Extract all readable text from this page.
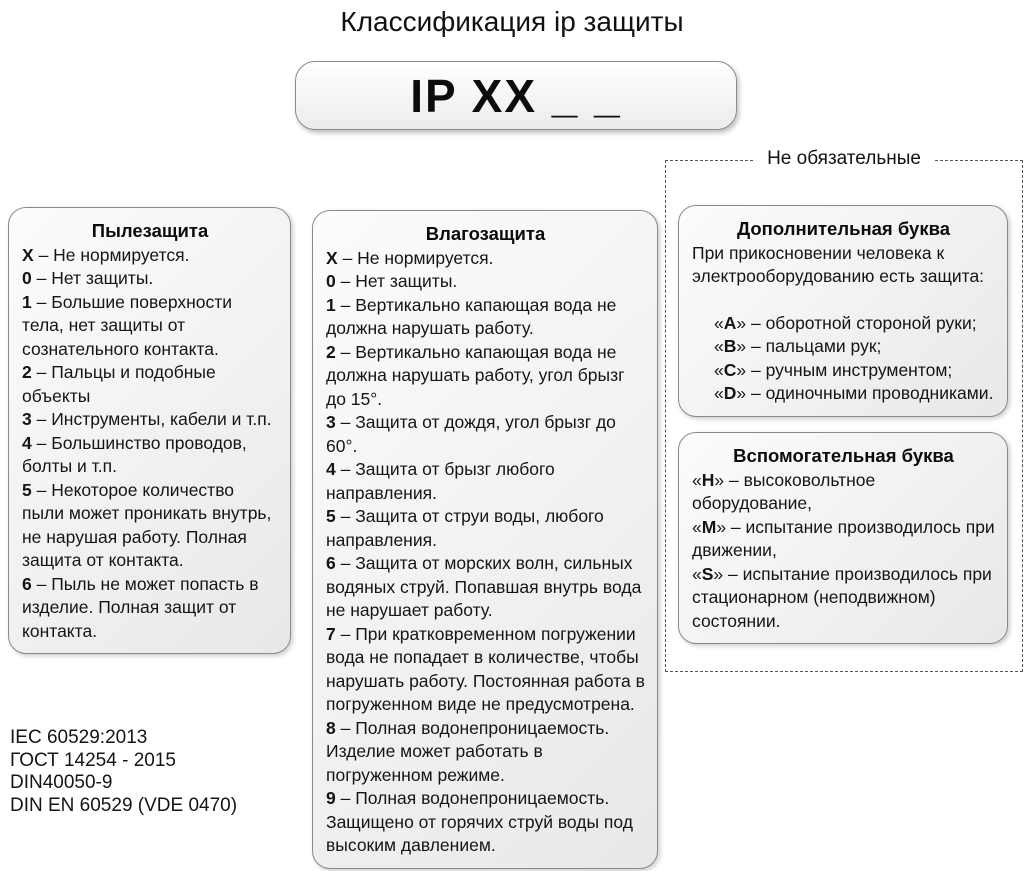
Классификация ip защиты
IP XX _ _
Не обязательные
Пылезащита
X – Не нормируется.
0 – Нет защиты.
1 – Большие поверхности тела, нет защиты от сознательного контакта.
2 – Пальцы и подобные объекты
3 – Инструменты, кабели и т.п.
4 – Большинство проводов, болты и т.п.
5 – Некоторое количество пыли может проникать внутрь, не нарушая работу. Полная защита от контакта.
6 – Пыль не может попасть в изделие. Полная защит от контакта.
Влагозащита
X – Не нормируется.
0 – Нет защиты.
1 – Вертикально капающая вода не должна нарушать работу.
2 – Вертикально капающая вода не должна нарушать работу, угол брызг до 15°.
3 – Защита от дождя, угол брызг до 60°.
4 – Защита от брызг любого направления.
5 – Защита от струи воды, любого направления.
6 – Защита от морских волн, сильных водяных струй. Попавшая внутрь вода не нарушает работу.
7 – При кратковременном погружении вода не попадает в количестве, чтобы нарушать работу. Постоянная работа в погруженном виде не предусмотрена.
8 – Полная водонепроницаемость. Изделие может работать в погруженном режиме.
9 – Полная водонепроницаемость. Защищено от горячих струй воды под высоким давлением.
Дополнительная буква

При прикосновении человека к электрооборудованию есть защита:

«A» – оборотной стороной руки;
«B» – пальцами рук;
«C» – ручным инструментом;
«D» – одиночными проводниками.
Вспомогательная буква
«H» – высоковольтное оборудование,
«M» – испытание производилось при движении,
«S» – испытание производилось при стационарном (неподвижном) состоянии.
IEC 60529:2013
ГОСТ 14254 - 2015
DIN40050-9
DIN EN 60529 (VDE 0470)
